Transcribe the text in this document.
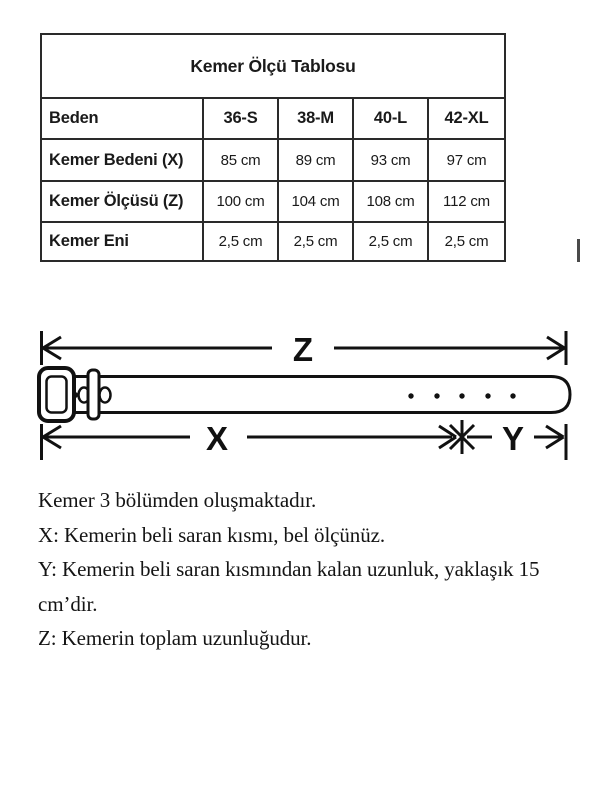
Kemer Ölçü Tablosu
Beden	36-S	38-M	40-L	42-XL
Kemer Bedeni (X)	85 cm	89 cm	93 cm	97 cm
Kemer Ölçüsü (Z)	100 cm	104 cm	108 cm	112 cm
Kemer Eni	2,5 cm	2,5 cm	2,5 cm	2,5 cm
Z
X	Y

Kemer 3 bölümden oluşmaktadır.

X: Kemerin beli saran kısmı, bel ölçünüz.

Y: Kemerin beli saran kısmından kalan uzunluk, yaklaşık 15 cm’dir.

Z: Kemerin toplam uzunluğudur.
